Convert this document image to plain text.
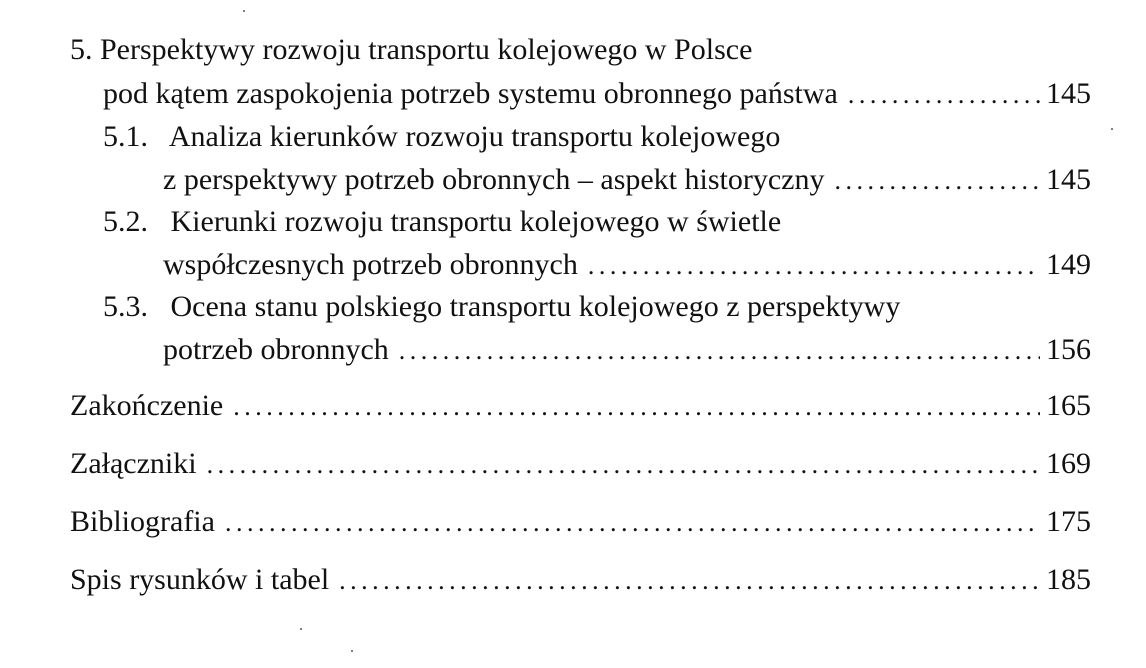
5. Perspektywy rozwoju transportu kolejowego w Polsce
pod kątem zaspokojenia potrzeb systemu obronnego państwa . . .	145
5.1. Analiza kierunków rozwoju transportu kolejowego
z perspektywy potrzeb obronnych – aspekt historyczny . . .	145
5.2. Kierunki rozwoju transportu kolejowego w świetle
współczesnych potrzeb obronnych . . .	149
5.3. Ocena stanu polskiego transportu kolejowego z perspektywy
potrzeb obronnych . . .	156
Zakończenie . . .	165
Załączniki . . .	169
Bibliografia . . .	175
Spis rysunków i tabel . . .	185
